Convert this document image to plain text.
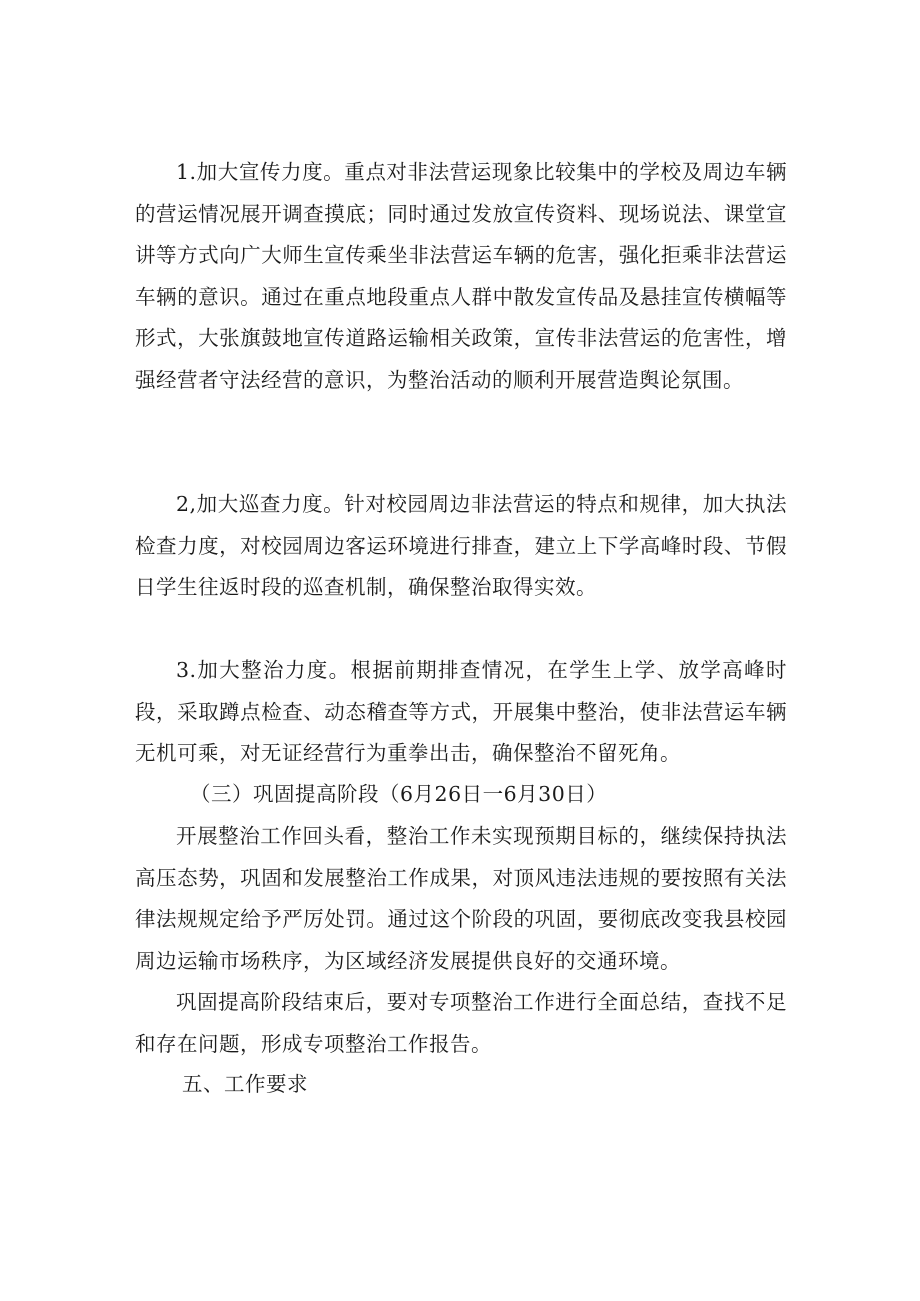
1.加大宣传力度。重点对非法营运现象比较集中的学校及周边车辆的营运情况展开调查摸底；同时通过发放宣传资料、现场说法、课堂宣讲等方式向广大师生宣传乘坐非法营运车辆的危害，强化拒乘非法营运车辆的意识。通过在重点地段重点人群中散发宣传品及悬挂宣传横幅等形式，大张旗鼓地宣传道路运输相关政策，宣传非法营运的危害性，增强经营者守法经营的意识，为整治活动的顺利开展营造舆论氛围。

2,加大巡查力度。针对校园周边非法营运的特点和规律，加大执法检查力度，对校园周边客运环境进行排查，建立上下学高峰时段、节假日学生往返时段的巡查机制，确保整治取得实效。

3.加大整治力度。根据前期排查情况，在学生上学、放学高峰时段，采取蹲点检查、动态稽查等方式，开展集中整治，使非法营运车辆无机可乘，对无证经营行为重拳出击，确保整治不留死角。

（三）巩固提高阶段（6月26日一6月30日）

开展整治工作回头看，整治工作未实现预期目标的，继续保持执法高压态势，巩固和发展整治工作成果，对顶风违法违规的要按照有关法律法规规定给予严厉处罚。通过这个阶段的巩固，要彻底改变我县校园周边运输市场秩序，为区域经济发展提供良好的交通环境。

巩固提高阶段结束后，要对专项整治工作进行全面总结，查找不足和存在问题，形成专项整治工作报告。

五、工作要求
